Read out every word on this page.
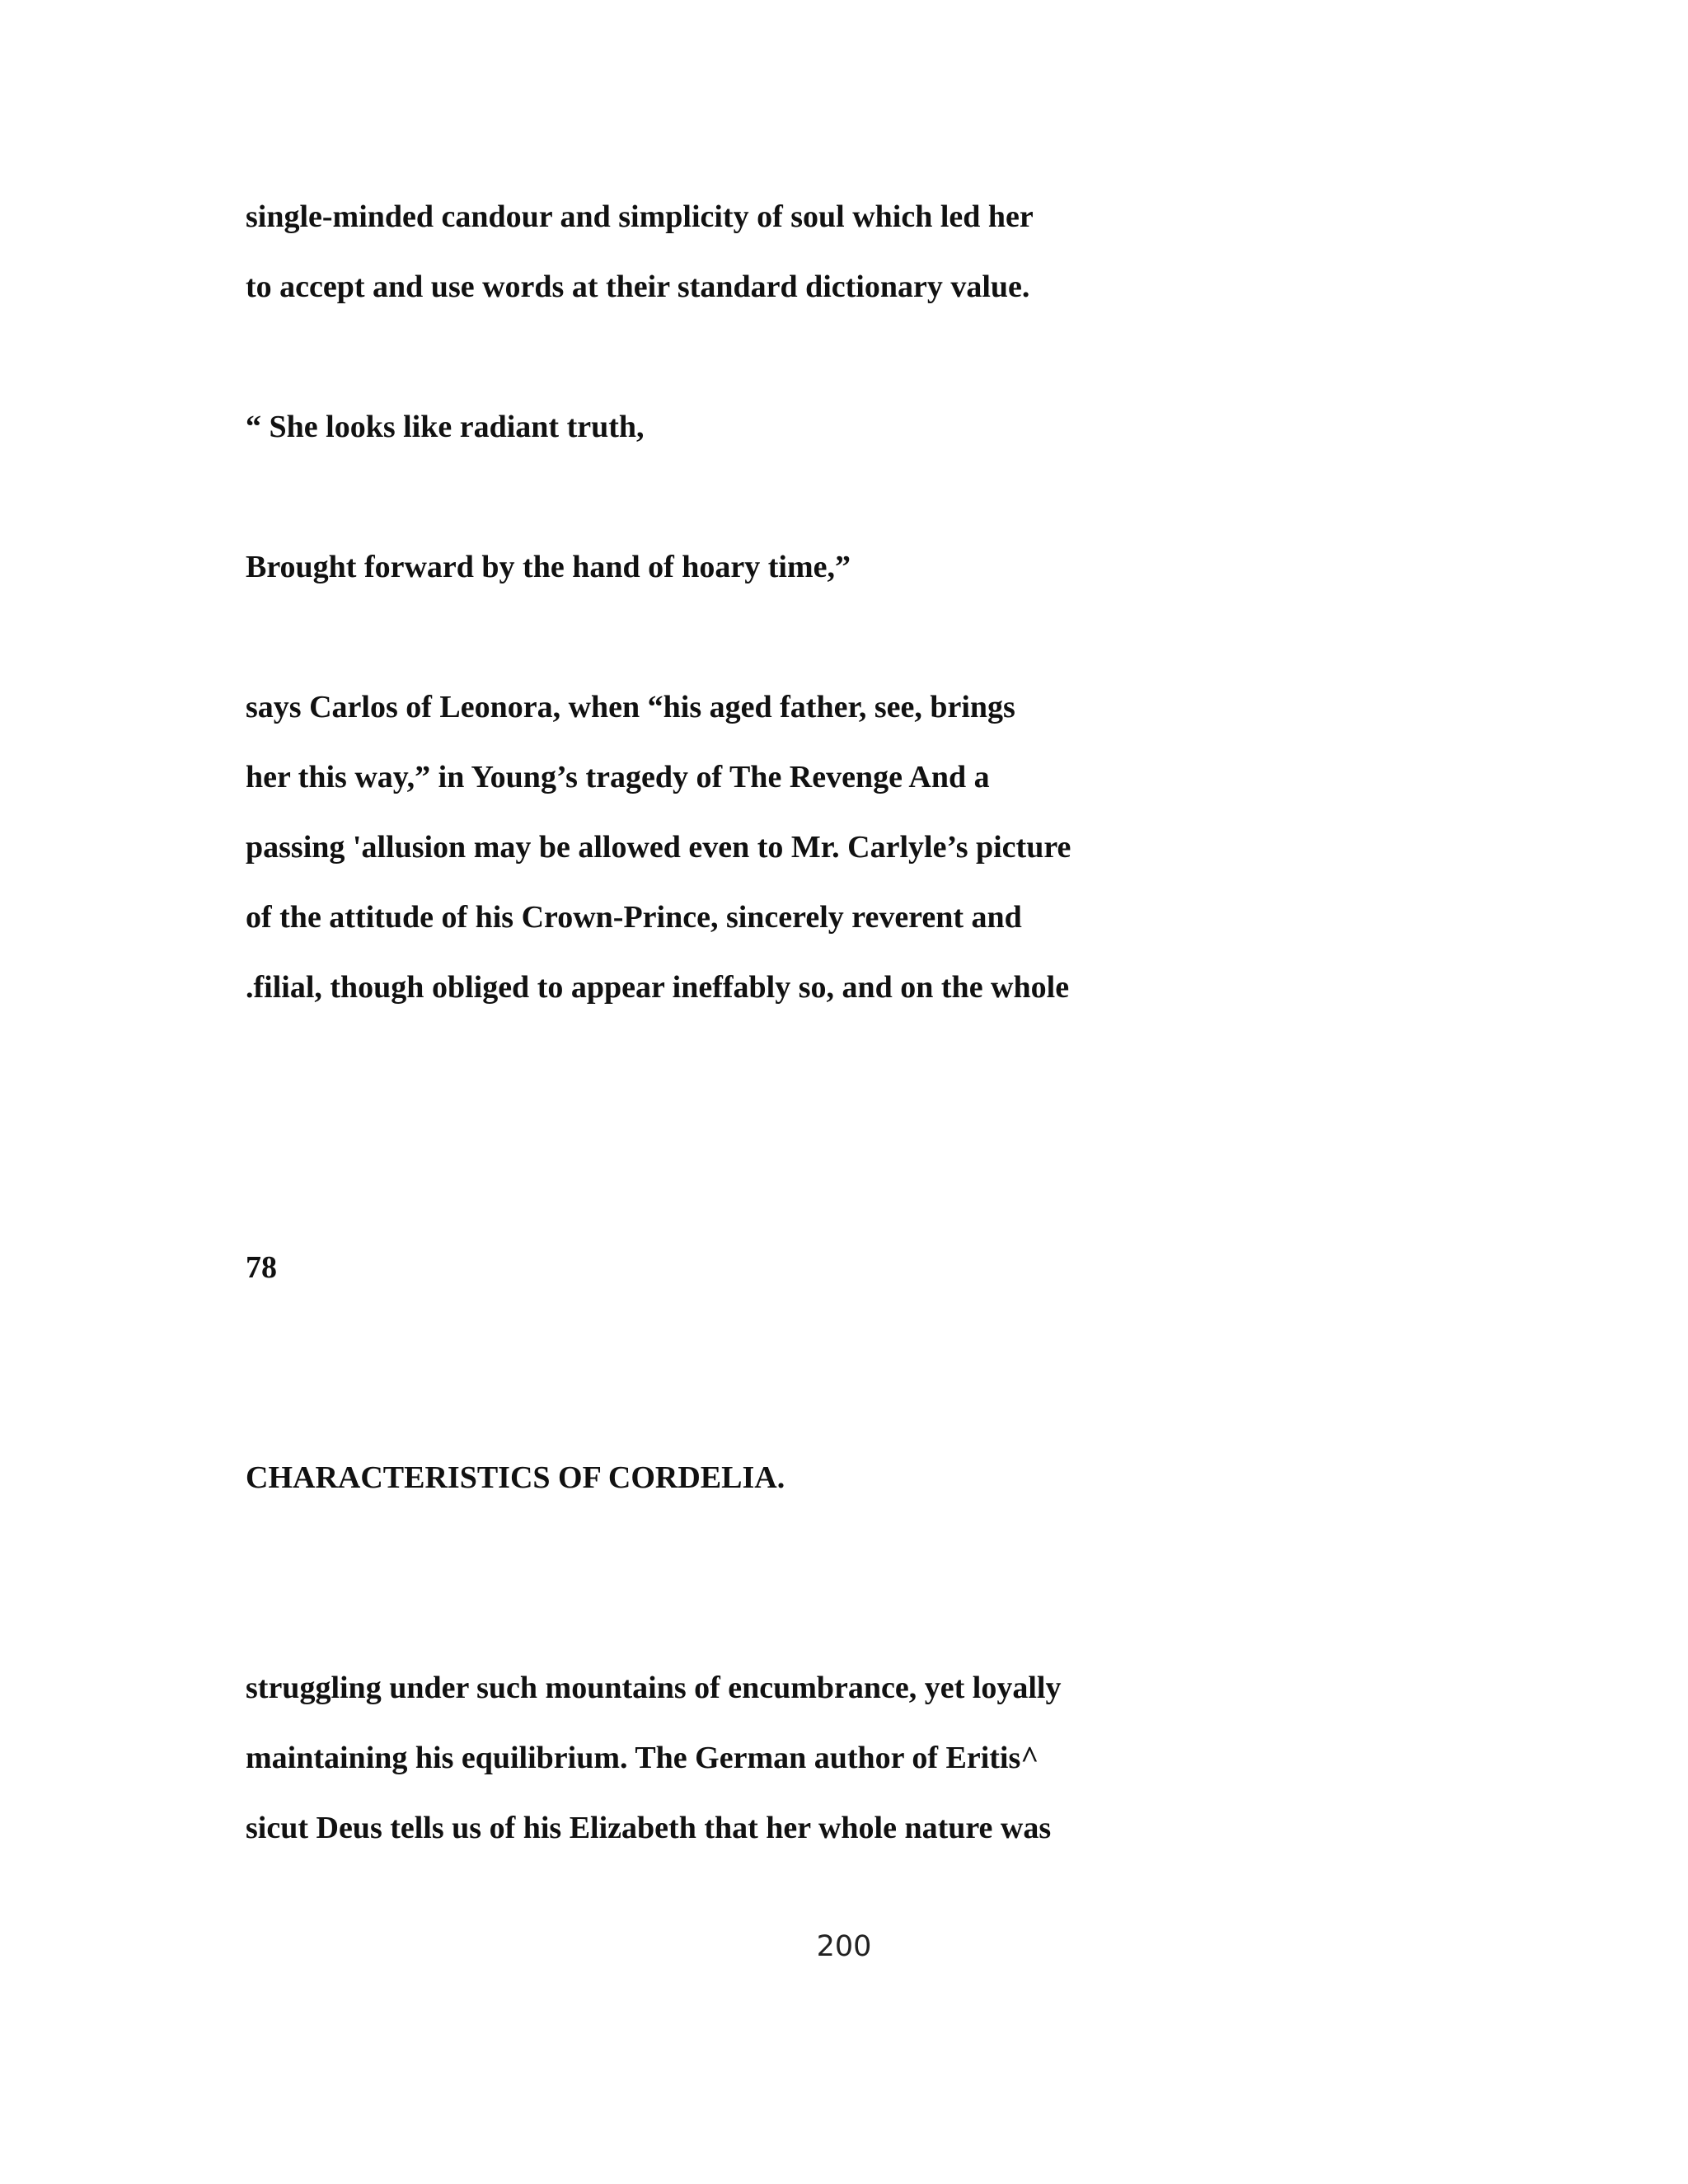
single-minded candour and simplicity of soul which led her

to accept and use words at their standard dictionary value.

“ She looks like radiant truth,

Brought forward by the hand of hoary time,”

says Carlos of Leonora, when “his aged father, see, brings

her this way,” in Young’s tragedy of The Revenge And a

passing 'allusion may be allowed even to Mr. Carlyle’s picture

of the attitude of his Crown-Prince, sincerely reverent and

.filial, though obliged to appear ineffably so, and on the whole

78

CHARACTERISTICS OF CORDELIA.

struggling under such mountains of encumbrance, yet loyally

maintaining his equilibrium. The German author of Eritis^

sicut Deus tells us of his Elizabeth that her whole nature was

200
